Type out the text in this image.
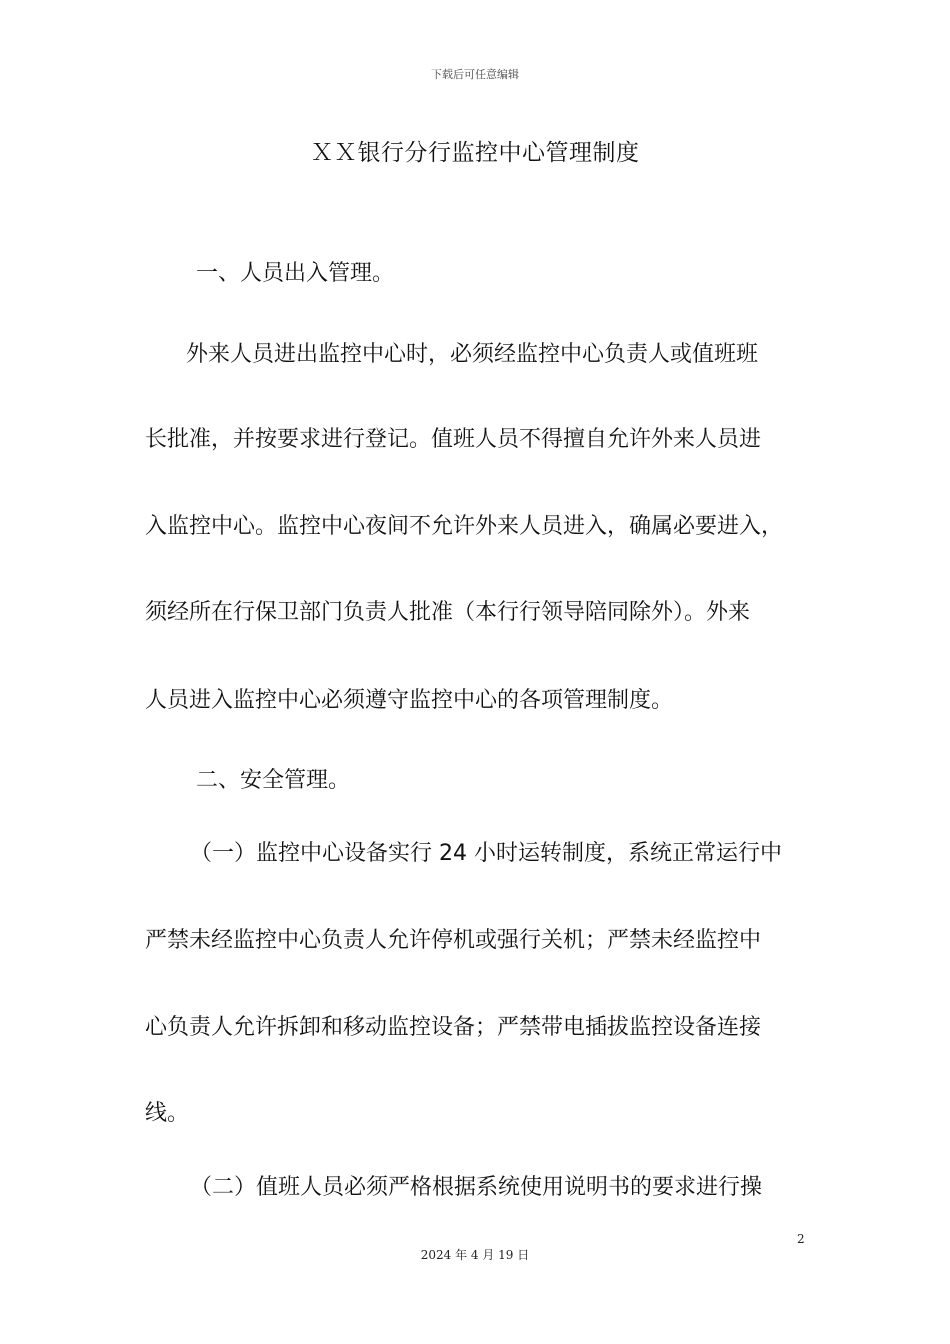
下载后可任意编辑
ＸＸ银行分行监控中心管理制度
一、人员出入管理。
外来人员进出监控中心时，必须经监控中心负责人或值班班
长批准，并按要求进行登记。值班人员不得擅自允许外来人员进
入监控中心。监控中心夜间不允许外来人员进入，确属必要进入，
须经所在行保卫部门负责人批准（本行行领导陪同除外）。外来
人员进入监控中心必须遵守监控中心的各项管理制度。
二、安全管理。
（一）监控中心设备实行 24 小时运转制度，系统正常运行中
严禁未经监控中心负责人允许停机或强行关机；严禁未经监控中
心负责人允许拆卸和移动监控设备；严禁带电插拔监控设备连接
线。
（二）值班人员必须严格根据系统使用说明书的要求进行操
2
2024 年 4 月 19 日
